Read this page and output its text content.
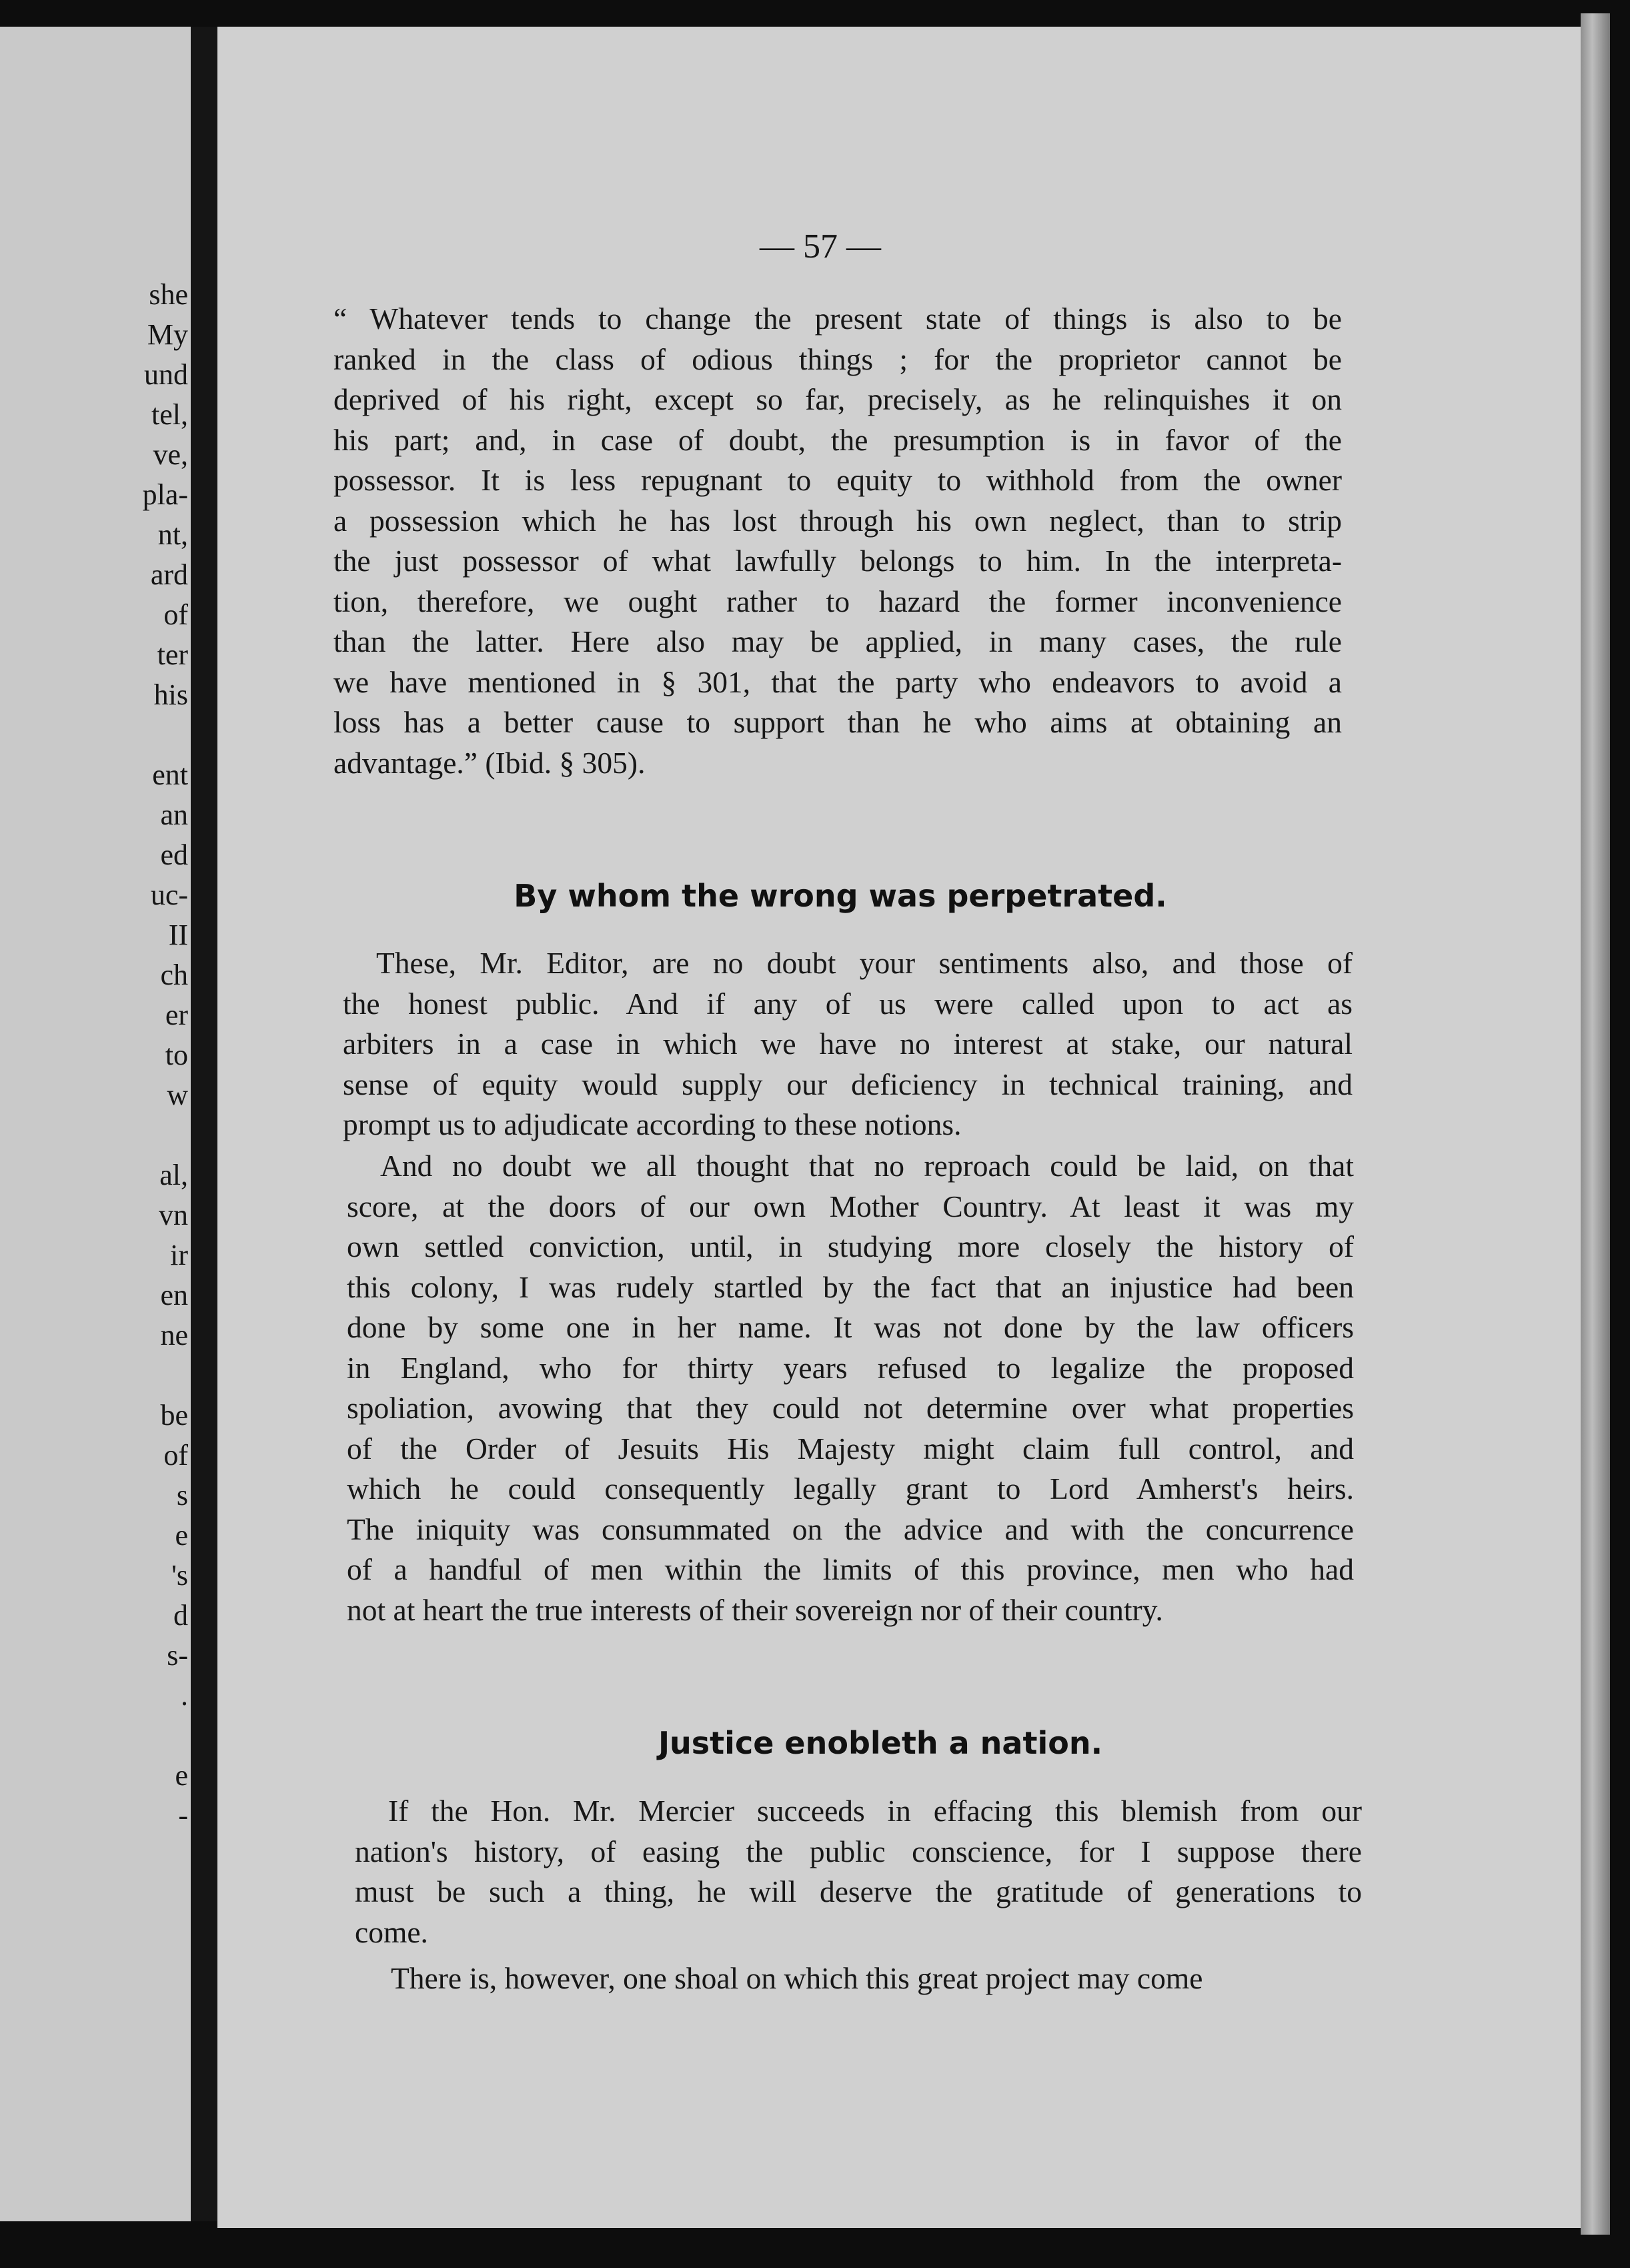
she
My
und
tel,
ve,
pla-
nt,
ard
of
ter
his
ent
an
ed
uc-
II
ch
er
to
w
al,
vn
ir
en
ne
be
of
s
e
's
d
s-
.
e
-
— 57 —
“ Whatever tends to change the present state of things is also to be
ranked in the class of odious things ; for the proprietor cannot be
deprived of his right, except so far, precisely, as he relinquishes it on
his part; and, in case of doubt, the presumption is in favor of the
possessor. It is less repugnant to equity to withhold from the owner
a possession which he has lost through his own neglect, than to strip
the just possessor of what lawfully belongs to him. In the interpreta-
tion, therefore, we ought rather to hazard the former inconvenience
than the latter. Here also may be applied, in many cases, the rule
we have mentioned in § 301, that the party who endeavors to avoid a
loss has a better cause to support than he who aims at obtaining an
advantage.” (Ibid. § 305).
By whom the wrong was perpetrated.
These, Mr. Editor, are no doubt your sentiments also, and those of
the honest public. And if any of us were called upon to act as
arbiters in a case in which we have no interest at stake, our natural
sense of equity would supply our deficiency in technical training, and
prompt us to adjudicate according to these notions.
And no doubt we all thought that no reproach could be laid, on that
score, at the doors of our own Mother Country. At least it was my
own settled conviction, until, in studying more closely the history of
this colony, I was rudely startled by the fact that an injustice had been
done by some one in her name. It was not done by the law officers
in England, who for thirty years refused to legalize the proposed
spoliation, avowing that they could not determine over what properties
of the Order of Jesuits His Majesty might claim full control, and
which he could consequently legally grant to Lord Amherst's heirs.
The iniquity was consummated on the advice and with the concurrence
of a handful of men within the limits of this province, men who had
not at heart the true interests of their sovereign nor of their country.
Justice enobleth a nation.
If the Hon. Mr. Mercier succeeds in effacing this blemish from our
nation's history, of easing the public conscience, for I suppose there
must be such a thing, he will deserve the gratitude of generations to
come.
There is, however, one shoal on which this great project may come
